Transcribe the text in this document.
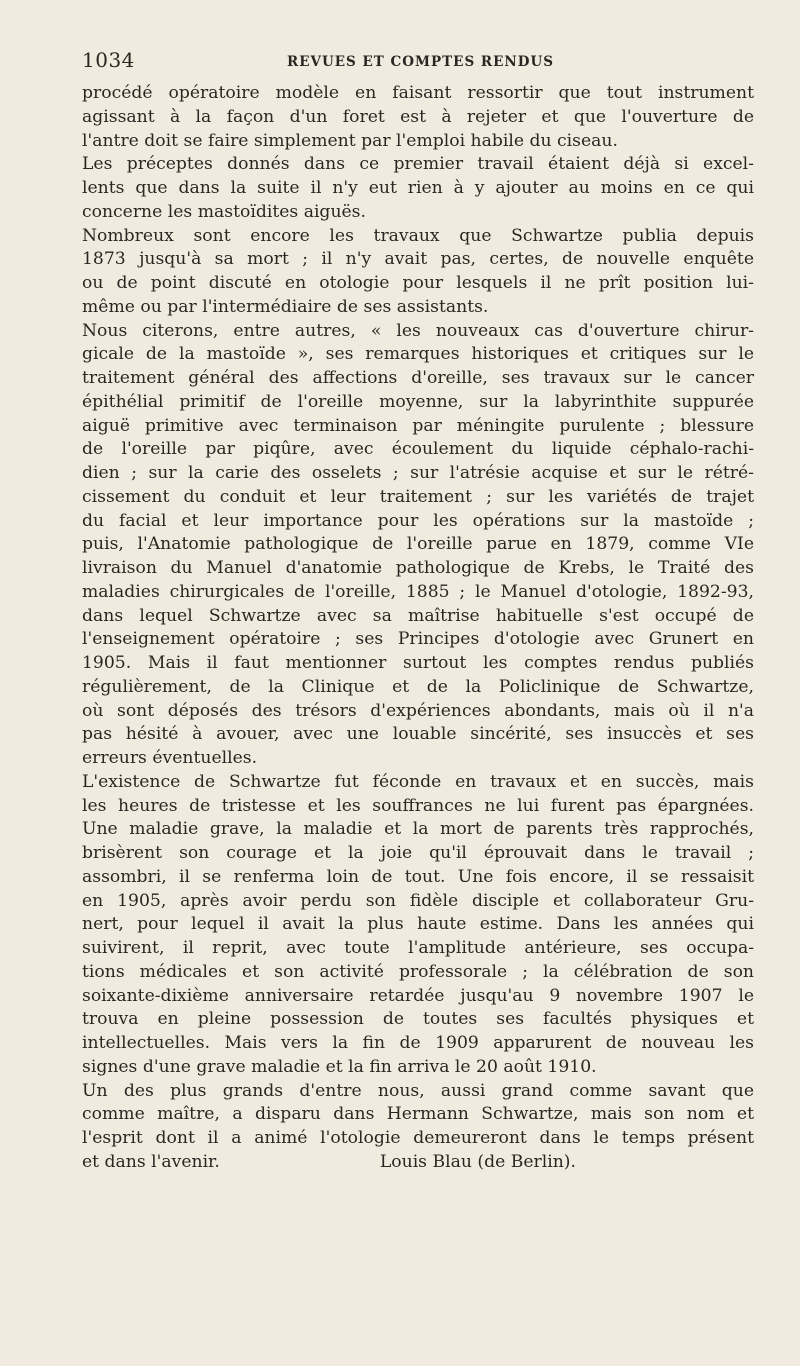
1034	REVUES ET COMPTES RENDUS
procédé opératoire modèle en faisant ressortir que tout instrument
agissant à la façon d'un foret est à rejeter et que l'ouverture de
l'antre doit se faire simplement par l'emploi habile du ciseau.
Les préceptes donnés dans ce premier travail étaient déjà si excel-
lents que dans la suite il n'y eut rien à y ajouter au moins en ce qui
concerne les mastoïdites aiguës.
Nombreux sont encore les travaux que Schwartze publia depuis
1873 jusqu'à sa mort ; il n'y avait pas, certes, de nouvelle enquête
ou de point discuté en otologie pour lesquels il ne prît position lui-
même ou par l'intermédiaire de ses assistants.
Nous citerons, entre autres, « les nouveaux cas d'ouverture chirur-
gicale de la mastoïde », ses remarques historiques et critiques sur le
traitement général des affections d'oreille, ses travaux sur le cancer
épithélial primitif de l'oreille moyenne, sur la labyrinthite suppurée
aiguë primitive avec terminaison par méningite purulente ; blessure
de l'oreille par piqûre, avec écoulement du liquide céphalo-rachi-
dien ; sur la carie des osselets ; sur l'atrésie acquise et sur le rétré-
cissement du conduit et leur traitement ; sur les variétés de trajet
du facial et leur importance pour les opérations sur la mastoïde ;
puis, l'Anatomie pathologique de l'oreille parue en 1879, comme VIe
livraison du Manuel d'anatomie pathologique de Krebs, le Traité des
maladies chirurgicales de l'oreille, 1885 ; le Manuel d'otologie, 1892-93,
dans lequel Schwartze avec sa maîtrise habituelle s'est occupé de
l'enseignement opératoire ; ses Principes d'otologie avec Grunert en
1905. Mais il faut mentionner surtout les comptes rendus publiés
régulièrement, de la Clinique et de la Policlinique de Schwartze,
où sont déposés des trésors d'expériences abondants, mais où il n'a
pas hésité à avouer, avec une louable sincérité, ses insuccès et ses
erreurs éventuelles.
L'existence de Schwartze fut féconde en travaux et en succès, mais
les heures de tristesse et les souffrances ne lui furent pas épargnées.
Une maladie grave, la maladie et la mort de parents très rapprochés,
brisèrent son courage et la joie qu'il éprouvait dans le travail ;
assombri, il se renferma loin de tout. Une fois encore, il se ressaisit
en 1905, après avoir perdu son fidèle disciple et collaborateur Gru-
nert, pour lequel il avait la plus haute estime. Dans les années qui
suivirent, il reprit, avec toute l'amplitude antérieure, ses occupa-
tions médicales et son activité professorale ; la célébration de son
soixante-dixième anniversaire retardée jusqu'au 9 novembre 1907 le
trouva en pleine possession de toutes ses facultés physiques et
intellectuelles. Mais vers la fin de 1909 apparurent de nouveau les
signes d'une grave maladie et la fin arriva le 20 août 1910.
Un des plus grands d'entre nous, aussi grand comme savant que
comme maître, a disparu dans Hermann Schwartze, mais son nom et
l'esprit dont il a animé l'otologie demeureront dans le temps présent
et dans l'avenir.	Louis Blau (de Berlin).
